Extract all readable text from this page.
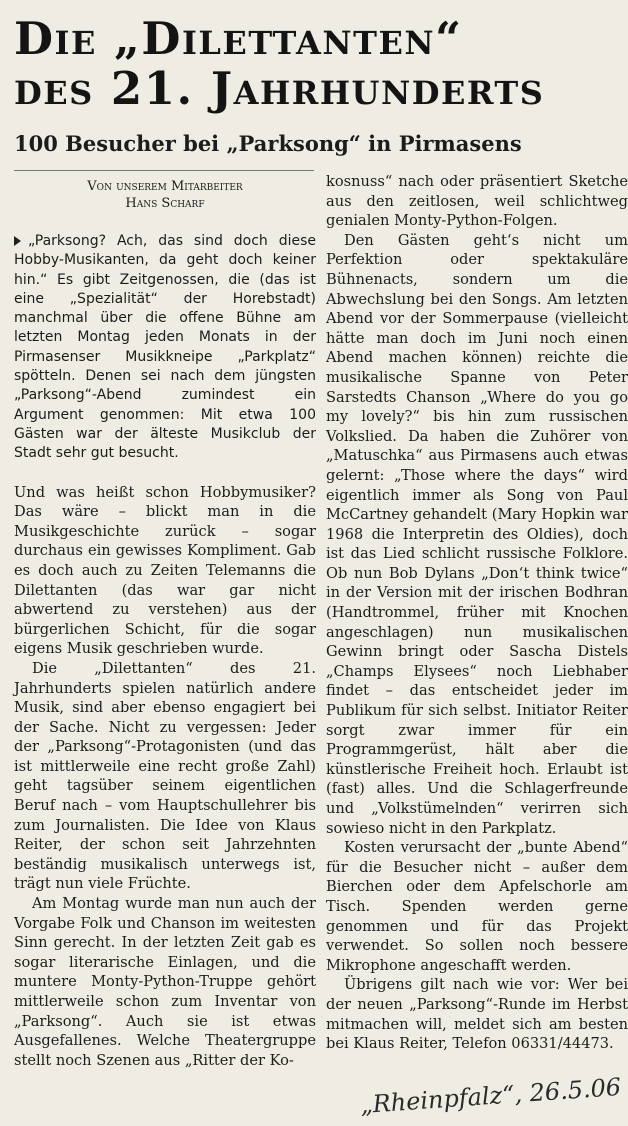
Die „Dilettanten“
des 21. Jahrhunderts
100 Besucher bei „Parksong“ in Pirmasens
Von unserem Mitarbeiter
Hans Scharf

„Parksong? Ach, das sind doch diese Hobby-Musikanten, da geht doch keiner hin.“ Es gibt Zeitgenossen, die (das ist eine „Spezialität“ der Horebstadt) manchmal über die offene Bühne am letzten Montag jeden Monats in der Pirmasenser Musikkneipe „Parkplatz“ spötteln. Denen sei nach dem jüngsten „Parksong“-Abend zumindest ein Argument genommen: Mit etwa 100 Gästen war der älteste Musikclub der Stadt sehr gut besucht.

Und was heißt schon Hobbymusiker? Das wäre – blickt man in die Musikgeschichte zurück – sogar durchaus ein gewisses Kompliment. Gab es doch auch zu Zeiten Telemanns die Dilettanten (das war gar nicht abwertend zu verstehen) aus der bürgerlichen Schicht, für die sogar eigens Musik geschrieben wurde.

Die „Dilettanten“ des 21. Jahrhunderts spielen natürlich andere Musik, sind aber ebenso engagiert bei der Sache. Nicht zu vergessen: Jeder der „Parksong“-Protagonisten (und das ist mittlerweile eine recht große Zahl) geht tagsüber seinem eigentlichen Beruf nach – vom Hauptschullehrer bis zum Journalisten. Die Idee von Klaus Reiter, der schon seit Jahrzehnten beständig musikalisch unterwegs ist, trägt nun viele Früchte.

Am Montag wurde man nun auch der Vorgabe Folk und Chanson im weitesten Sinn gerecht. In der letzten Zeit gab es sogar literarische Einlagen, und die muntere Monty-Python-Truppe gehört mittlerweile schon zum Inventar von „Parksong“. Auch sie ist etwas Ausgefallenes. Welche Theatergruppe stellt noch Szenen aus „Ritter der Ko-

kosnuss“ nach oder präsentiert Sketche aus den zeitlosen, weil schlichtweg genialen Monty-Python-Folgen.

Den Gästen geht‘s nicht um Perfektion oder spektakuläre Bühnenacts, sondern um die Abwechslung bei den Songs. Am letzten Abend vor der Sommerpause (vielleicht hätte man doch im Juni noch einen Abend machen können) reichte die musikalische Spanne von Peter Sarstedts Chanson „Where do you go my lovely?“ bis hin zum russischen Volkslied. Da haben die Zuhörer von „Matuschka“ aus Pirmasens auch etwas gelernt: „Those where the days“ wird eigentlich immer als Song von Paul McCartney gehandelt (Mary Hopkin war 1968 die Interpretin des Oldies), doch ist das Lied schlicht russische Folklore. Ob nun Bob Dylans „Don‘t think twice“ in der Version mit der irischen Bodhran (Handtrommel, früher mit Knochen angeschlagen) nun musikalischen Gewinn bringt oder Sascha Distels „Champs Elysees“ noch Liebhaber findet – das entscheidet jeder im Publikum für sich selbst. Initiator Reiter sorgt zwar immer für ein Programmgerüst, hält aber die künstlerische Freiheit hoch. Erlaubt ist (fast) alles. Und die Schlagerfreunde und „Volkstümelnden“ verirren sich sowieso nicht in den Parkplatz.

Kosten verursacht der „bunte Abend“ für die Besucher nicht – außer dem Bierchen oder dem Apfelschorle am Tisch. Spenden werden gerne genommen und für das Projekt verwendet. So sollen noch bessere Mikrophone angeschafft werden.

Übrigens gilt nach wie vor: Wer bei der neuen „Parksong“-Runde im Herbst mitmachen will, meldet sich am besten bei Klaus Reiter, Telefon 06331/44473.

„Rheinpfalz“, 26.5.06
